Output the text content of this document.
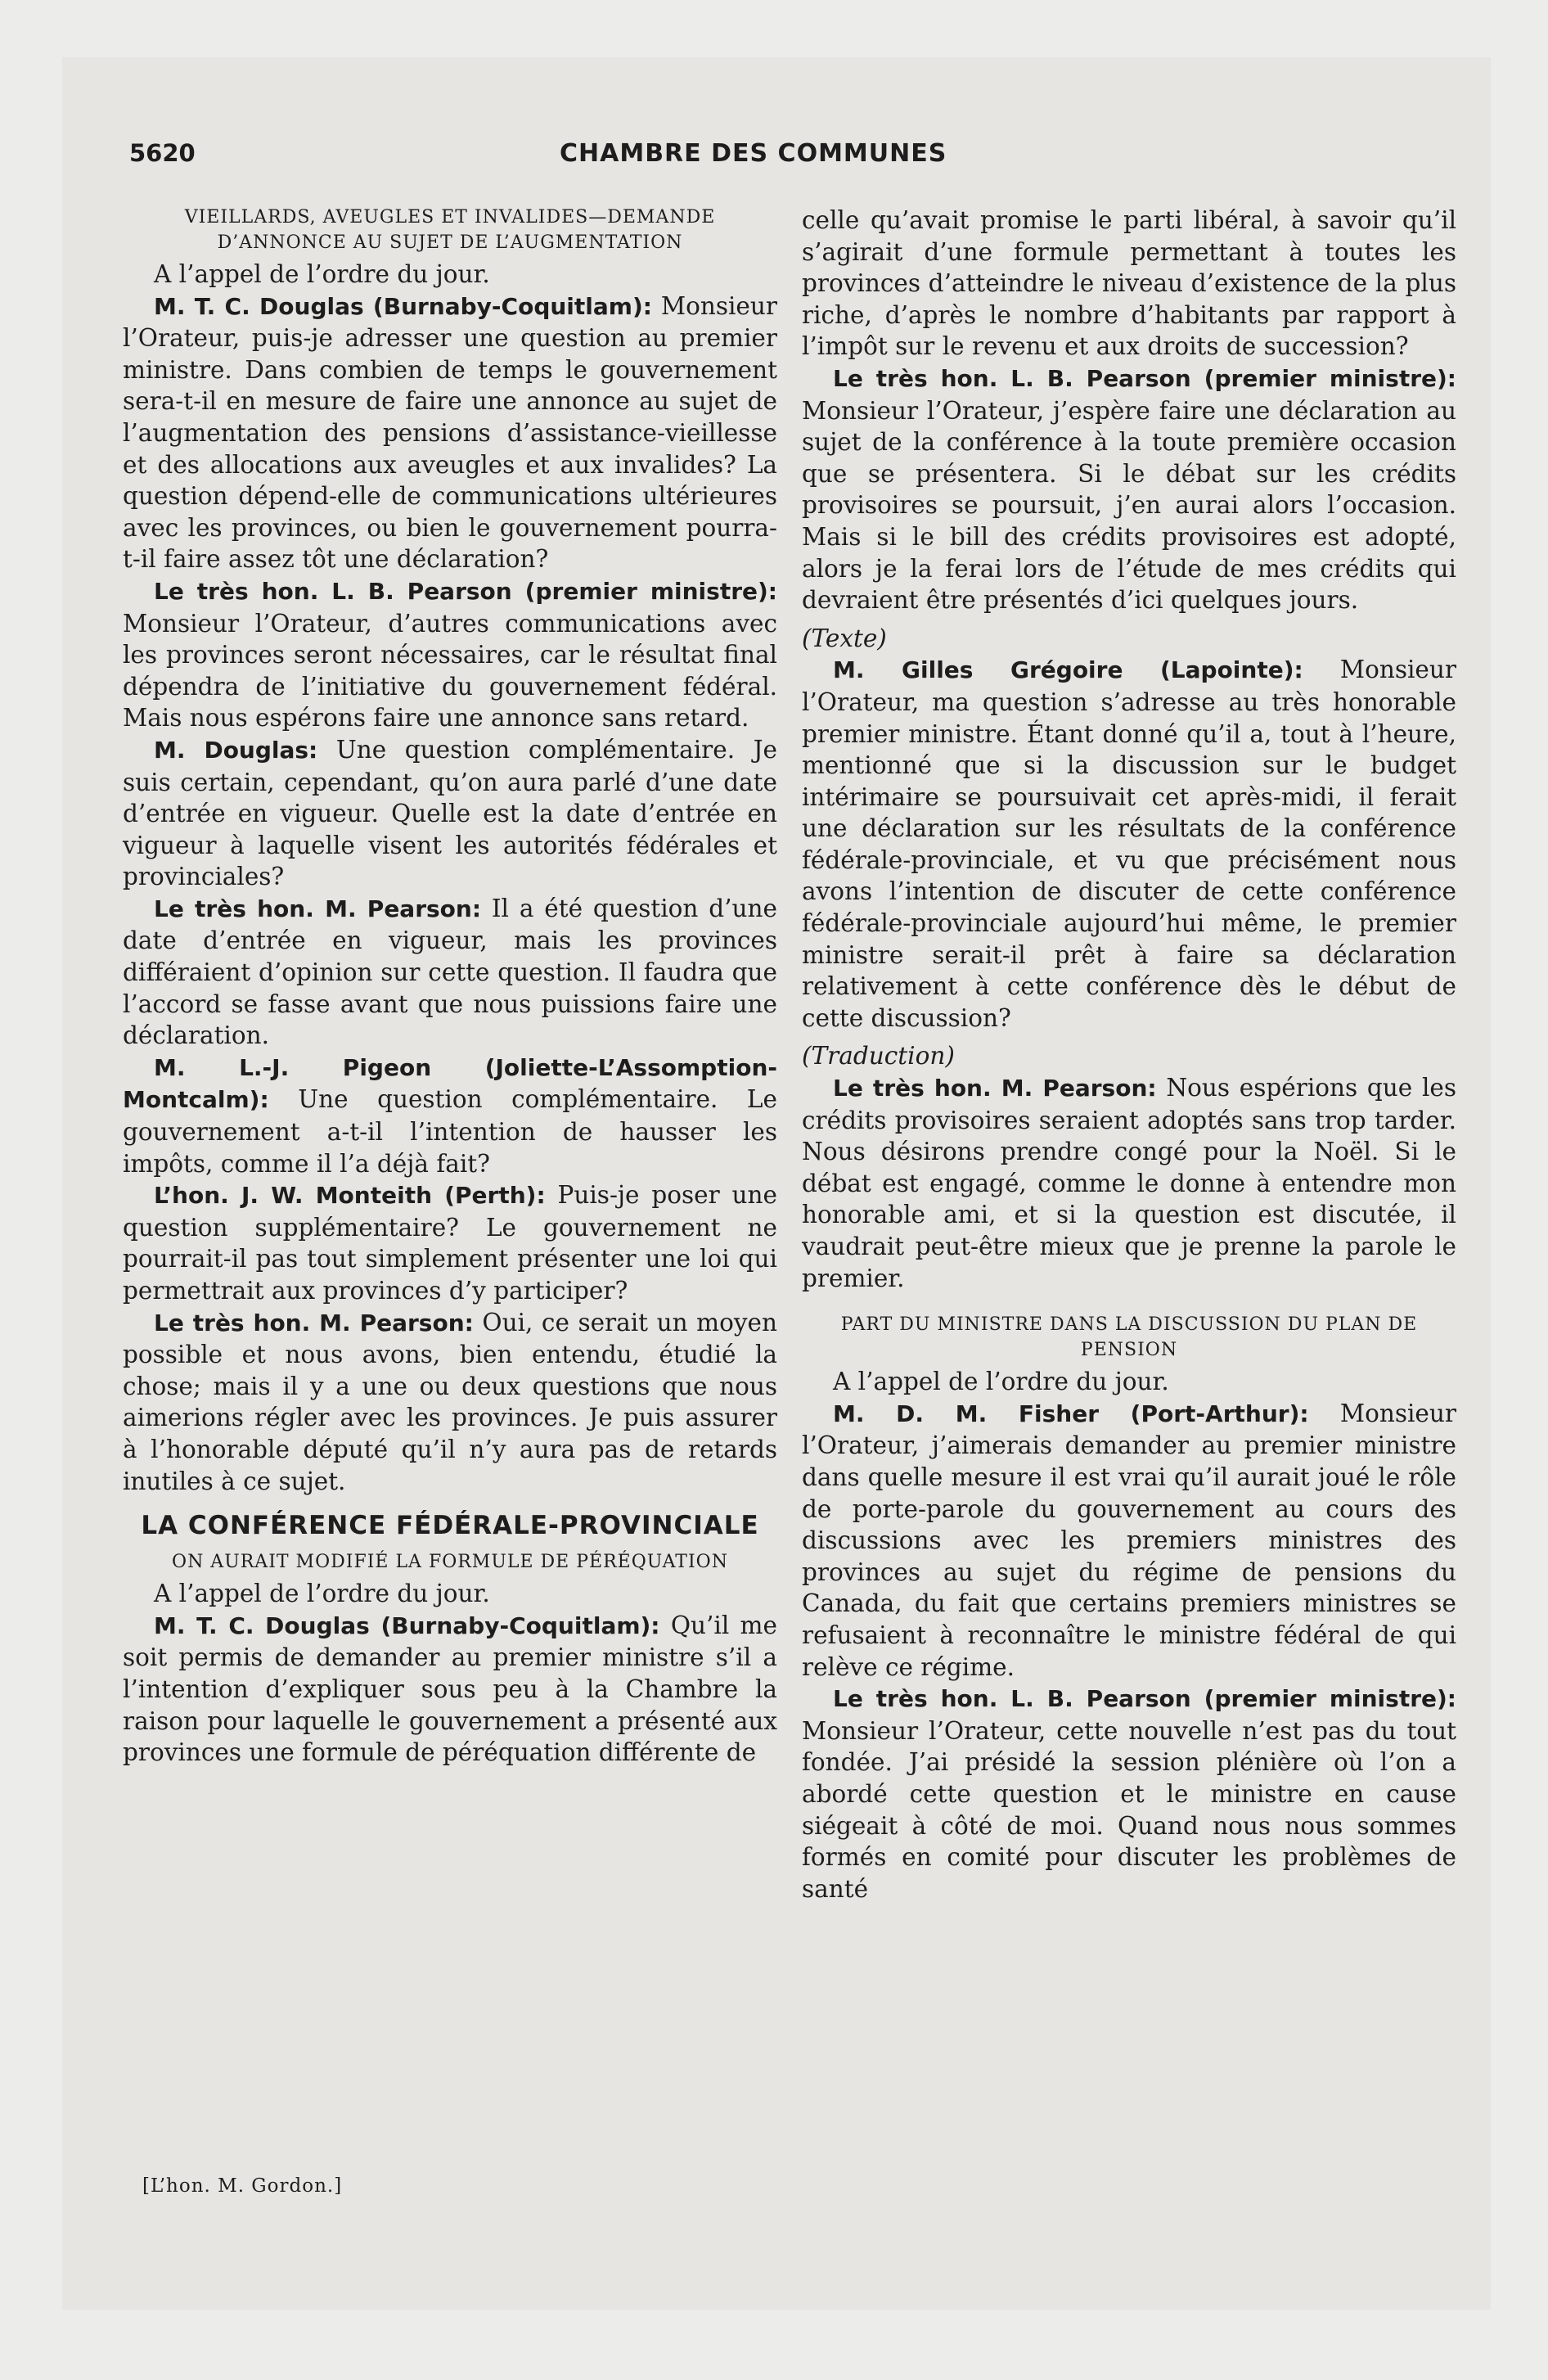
5620	CHAMBRE DES COMMUNES

VIEILLARDS, AVEUGLES ET INVALIDES—DEMANDE D’ANNONCE AU SUJET DE L’AUGMENTATION

A l’appel de l’ordre du jour.

M. T. C. Douglas (Burnaby-Coquitlam): Monsieur l’Orateur, puis-je adresser une question au premier ministre. Dans combien de temps le gouvernement sera-t-il en mesure de faire une annonce au sujet de l’augmentation des pensions d’assistance-vieillesse et des allocations aux aveugles et aux invalides? La question dépend-elle de communications ultérieures avec les provinces, ou bien le gouvernement pourra-t-il faire assez tôt une déclaration?

Le très hon. L. B. Pearson (premier ministre): Monsieur l’Orateur, d’autres communications avec les provinces seront nécessaires, car le résultat final dépendra de l’initiative du gouvernement fédéral. Mais nous espérons faire une annonce sans retard.

M. Douglas: Une question complémentaire. Je suis certain, cependant, qu’on aura parlé d’une date d’entrée en vigueur. Quelle est la date d’entrée en vigueur à laquelle visent les autorités fédérales et provinciales?

Le très hon. M. Pearson: Il a été question d’une date d’entrée en vigueur, mais les provinces différaient d’opinion sur cette question. Il faudra que l’accord se fasse avant que nous puissions faire une déclaration.

M. L.-J. Pigeon (Joliette-L’Assomption-Montcalm): Une question complémentaire. Le gouvernement a-t-il l’intention de hausser les impôts, comme il l’a déjà fait?

L’hon. J. W. Monteith (Perth): Puis-je poser une question supplémentaire? Le gouvernement ne pourrait-il pas tout simplement présenter une loi qui permettrait aux provinces d’y participer?

Le très hon. M. Pearson: Oui, ce serait un moyen possible et nous avons, bien entendu, étudié la chose; mais il y a une ou deux questions que nous aimerions régler avec les provinces. Je puis assurer à l’honorable député qu’il n’y aura pas de retards inutiles à ce sujet.

LA CONFÉRENCE FÉDÉRALE-PROVINCIALE

ON AURAIT MODIFIÉ LA FORMULE DE PÉRÉQUATION

A l’appel de l’ordre du jour.

M. T. C. Douglas (Burnaby-Coquitlam): Qu’il me soit permis de demander au premier ministre s’il a l’intention d’expliquer sous peu à la Chambre la raison pour laquelle le gouvernement a présenté aux provinces une formule de péréquation différente de

celle qu’avait promise le parti libéral, à savoir qu’il s’agirait d’une formule permettant à toutes les provinces d’atteindre le niveau d’existence de la plus riche, d’après le nombre d’habitants par rapport à l’impôt sur le revenu et aux droits de succession?

Le très hon. L. B. Pearson (premier ministre): Monsieur l’Orateur, j’espère faire une déclaration au sujet de la conférence à la toute première occasion que se présentera. Si le débat sur les crédits provisoires se poursuit, j’en aurai alors l’occasion. Mais si le bill des crédits provisoires est adopté, alors je la ferai lors de l’étude de mes crédits qui devraient être présentés d’ici quelques jours.

(Texte)

M. Gilles Grégoire (Lapointe): Monsieur l’Orateur, ma question s’adresse au très honorable premier ministre. Étant donné qu’il a, tout à l’heure, mentionné que si la discussion sur le budget intérimaire se poursuivait cet après-midi, il ferait une déclaration sur les résultats de la conférence fédérale-provinciale, et vu que précisément nous avons l’intention de discuter de cette conférence fédérale-provinciale aujourd’hui même, le premier ministre serait-il prêt à faire sa déclaration relativement à cette conférence dès le début de cette discussion?

(Traduction)

Le très hon. M. Pearson: Nous espérions que les crédits provisoires seraient adoptés sans trop tarder. Nous désirons prendre congé pour la Noël. Si le débat est engagé, comme le donne à entendre mon honorable ami, et si la question est discutée, il vaudrait peut-être mieux que je prenne la parole le premier.

PART DU MINISTRE DANS LA DISCUSSION DU PLAN DE PENSION

A l’appel de l’ordre du jour.

M. D. M. Fisher (Port-Arthur): Monsieur l’Orateur, j’aimerais demander au premier ministre dans quelle mesure il est vrai qu’il aurait joué le rôle de porte-parole du gouvernement au cours des discussions avec les premiers ministres des provinces au sujet du régime de pensions du Canada, du fait que certains premiers ministres se refusaient à reconnaître le ministre fédéral de qui relève ce régime.

Le très hon. L. B. Pearson (premier ministre): Monsieur l’Orateur, cette nouvelle n’est pas du tout fondée. J’ai présidé la session plénière où l’on a abordé cette question et le ministre en cause siégeait à côté de moi. Quand nous nous sommes formés en comité pour discuter les problèmes de santé

[L’hon. M. Gordon.]
